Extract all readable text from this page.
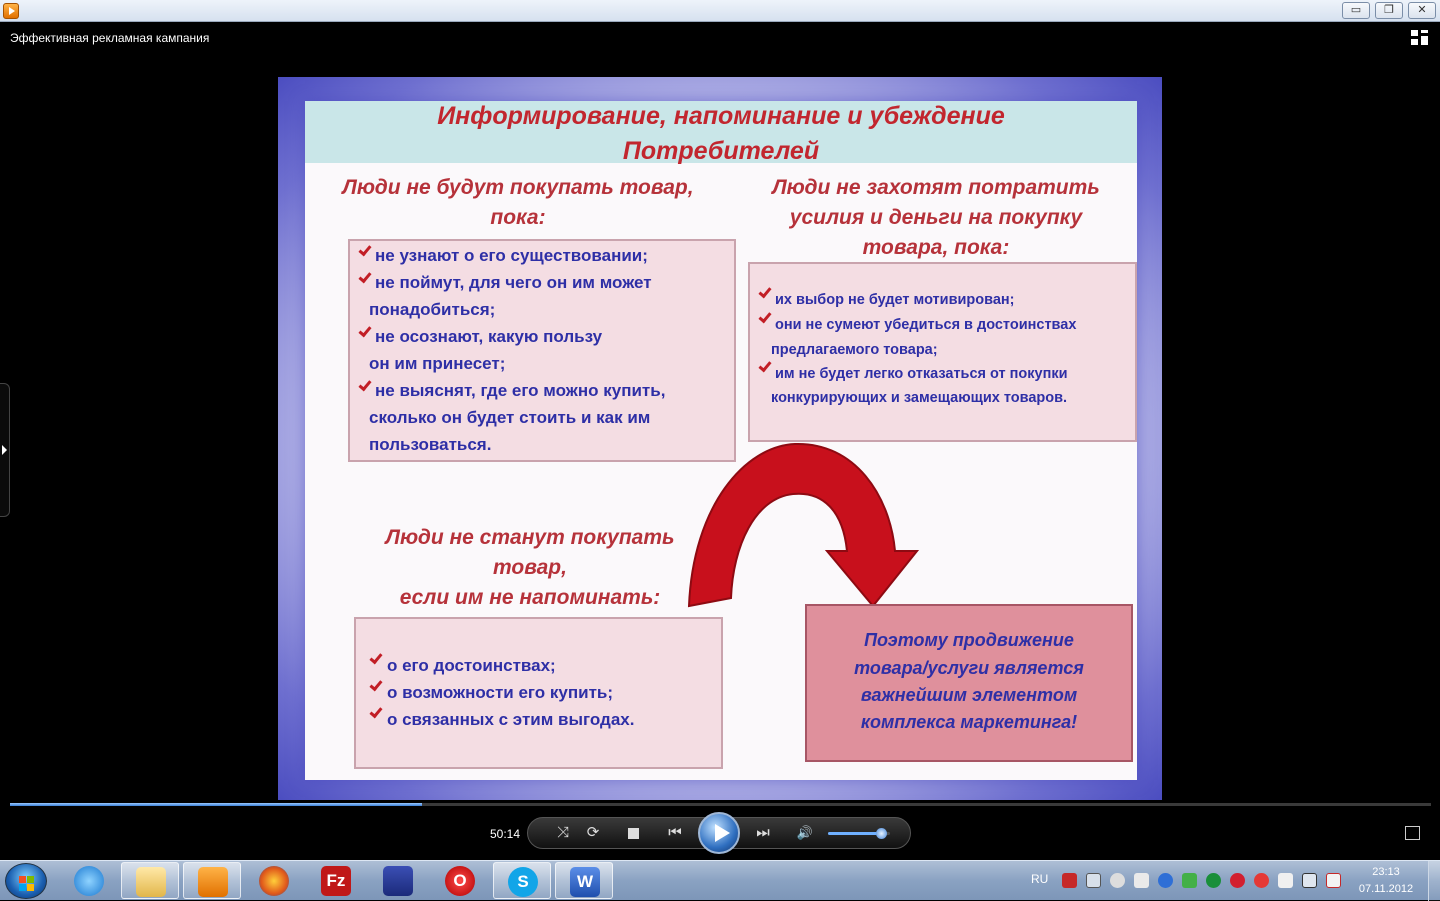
▭	❐	✕
Эффективная рекламная кампания
Информирование, напоминание и убеждение
Потребителей
Люди не будут покупать товар,
пока:
не узнают о его существовании;
не поймут, для чего он им может
понадобиться;
не осознают, какую пользу
он им принесет;
не выяснят, где его можно купить,
сколько он будет стоить и как им
пользоваться.
Люди не захотят потратить
усилия и деньги на покупку
товара, пока:
их выбор не будет мотивирован;
они не сумеют убедиться в достоинствах
предлагаемого товара;
им не будет легко отказаться от покупки
конкурирующих и замещающих товаров.
Люди не станут покупать
товар,
если им не напоминать:
о его достоинствах;
о возможности его купить;
о связанных с этим выгодах.
Поэтому продвижение
товара/услуги является
важнейшим элементом
комплекса маркетинга!
50:14	⤨	⟳	⏮	⏭	🔊
Fz	O	S	W	RU	23:13
07.11.2012
